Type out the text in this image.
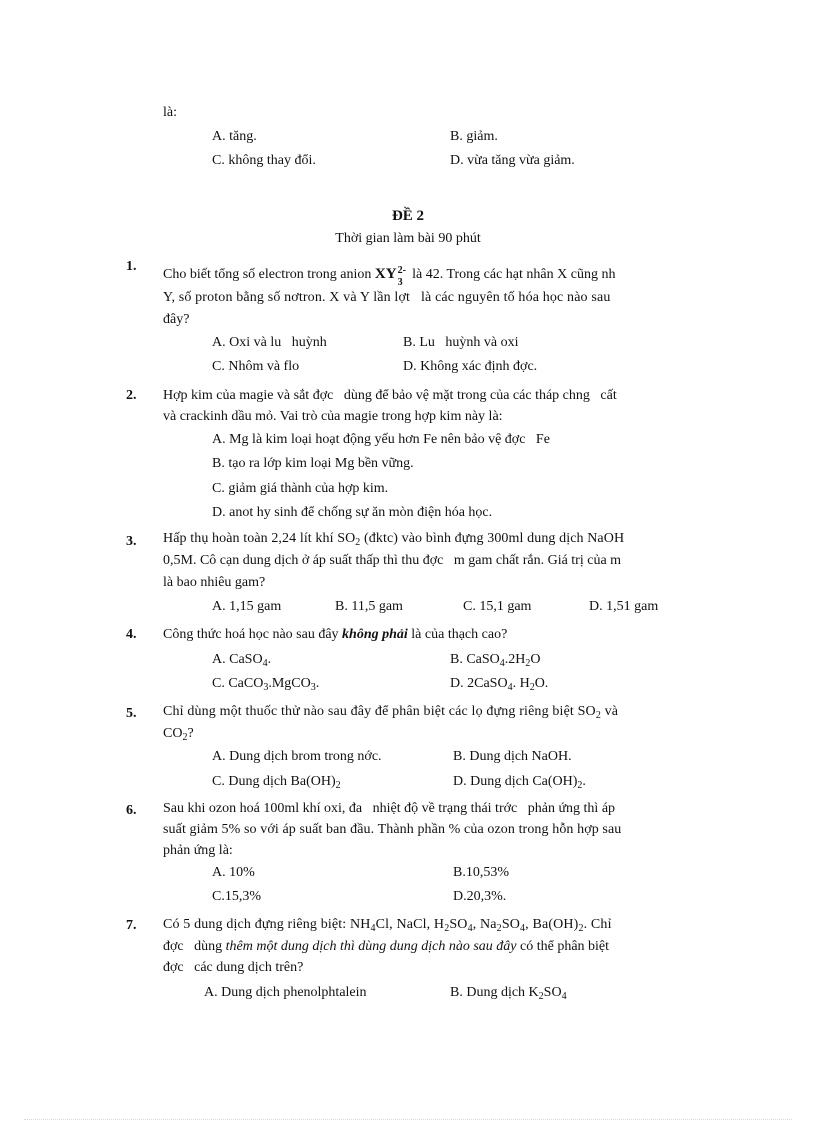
là:
A. tăng.	B. giảm.
C. không thay đổi.	D. vừa tăng vừa giảm.
ĐỀ 2
Thời gian làm bài 90 phút
1.
Cho biết tổng số electron trong anion XY 2-
3
là 42. Trong các hạt nhân X cũng nh
Y, số proton bằng số nơtron. X và Y lần lợt là các nguyên tố hóa học nào sau
đây?
A. Oxi và lu huỳnh	B. Lu huỳnh và oxi
C. Nhôm và flo	D. Không xác định đợc.
2. Hợp kim của magie và sắt đợc dùng để bảo vệ mặt trong của các tháp chng cất
và crackinh dầu mỏ. Vai trò của magie trong hợp kim này là:
A. Mg là kim loại hoạt động yếu hơn Fe nên bảo vệ đợc Fe
B. tạo ra lớp kim loại Mg bền vững.
C. giảm giá thành của hợp kim.
D. anot hy sinh để chống sự ăn mòn điện hóa học.
3. Hấp thụ hoàn toàn 2,24 lít khí $SO_2$ (đktc) vào bình đựng 300ml dung dịch NaOH
0,5M. Cô cạn dung dịch ở áp suất thấp thì thu đợc m gam chất rắn. Giá trị của m
là bao nhiêu gam?
A. 1,15 gam	B. 11,5 gam	C. 15,1 gam	D. 1,51 gam
4. Công thức hoá học nào sau đây không phải là của thạch cao?
A. CaSO$_4$.	B. $CaSO_4.2H_2O$
C. CaCO$_3$.MgCO$_3$.	D. 2CaSO$_4$. $H_2O$.
5. Chỉ dùng một thuốc thử nào sau đây để phân biệt các lọ đựng riêng biệt $SO_2$ và
$CO_2$?
A. Dung dịch brom trong nớc.	B. Dung dịch NaOH.
C. Dung dịch $Ba(OH)_2$	D. Dung dịch $Ca(OH)_2$.
6. Sau khi ozon hoá 100ml khí oxi, đa nhiệt độ về trạng thái trớc phản ứng thì áp
suất giảm 5% so với áp suất ban đầu. Thành phần % của ozon trong hỗn hợp sau
phản ứng là:
A. 10%	B.10,53%
C.15,3%	D.20,3%.
7. Có 5 dung dịch đựng riêng biệt: $NH_4Cl$, NaCl, $H_2SO_4$, $Na_2SO_4$, $Ba(OH)_2$. Chỉ
đợc dùng thêm một dung dịch thì dùng dung dịch nào sau đây có thể phân biệt
đợc các dung dịch trên?
A. Dung dịch phenolphtalein	B. Dung dịch $K_2SO_4$
